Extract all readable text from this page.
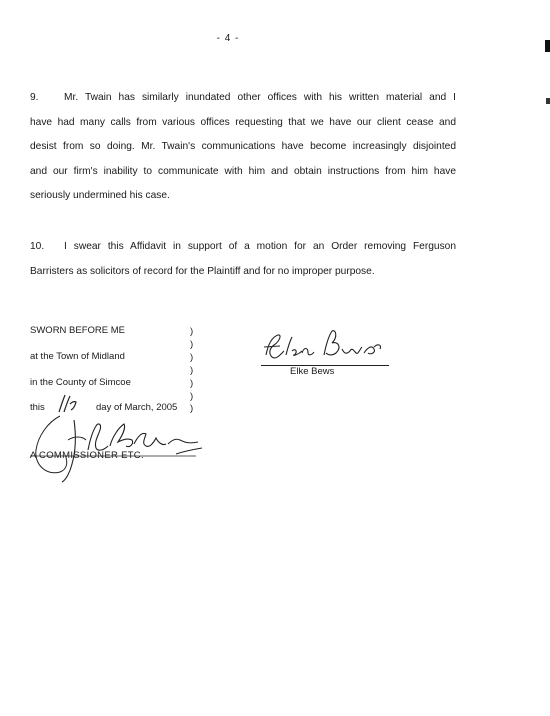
- 4 -
9.	Mr. Twain has similarly inundated other offices with his written material and I
have had many calls from various offices requesting that we have our client cease and
desist from so doing. Mr. Twain's communications have become increasingly disjointed
and our firm's inability to communicate with him and obtain instructions from him have
seriously undermined his case.
10. I swear this Affidavit in support of a motion for an Order removing Ferguson
Barristers as solicitors of record for the Plaintiff and for no improper purpose.
SWORN BEFORE ME
at the Town of Midland
in the County of Simcoe
this	day of March, 2005
)
)
)
)
)
)
)
Elke Bews
A COMMISSIONER ETC.
